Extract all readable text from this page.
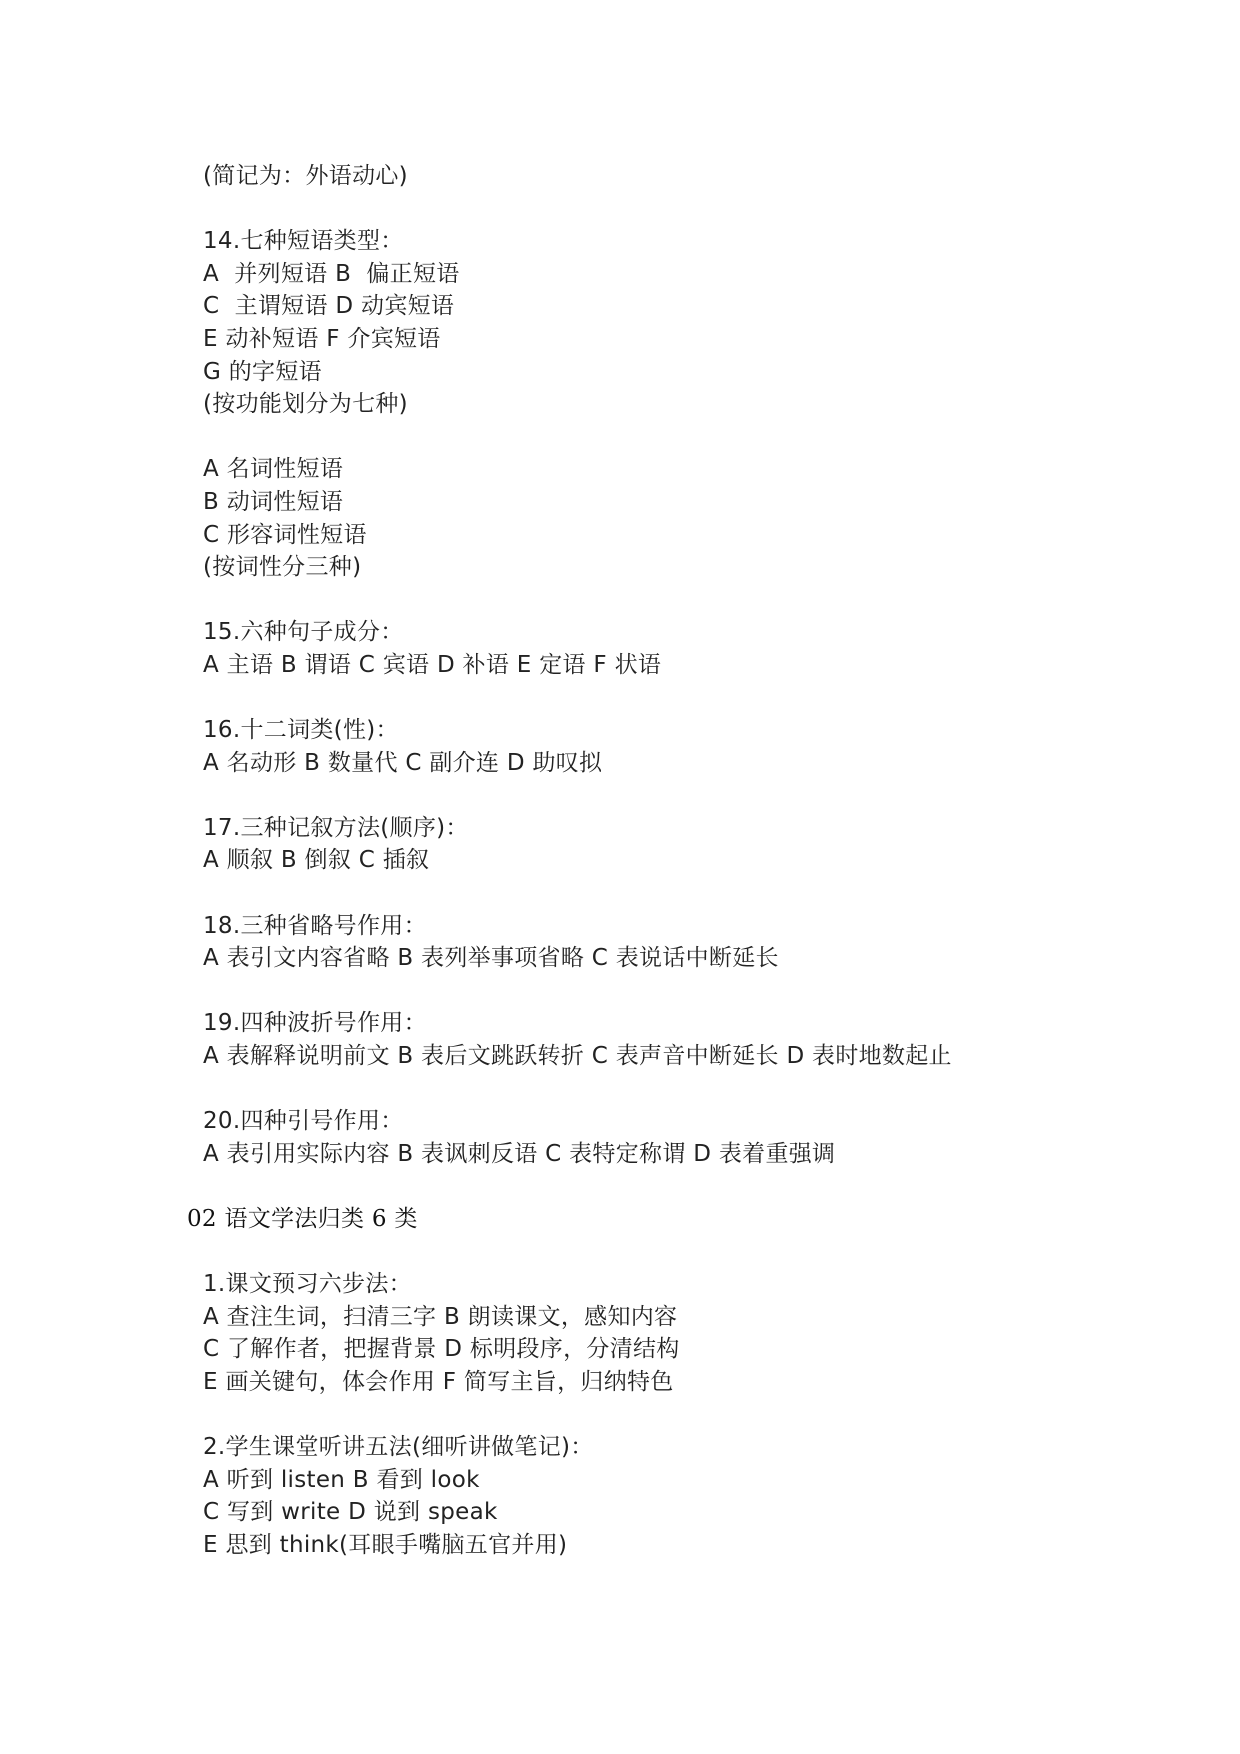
(简记为：外语动心)
14.七种短语类型：
A  并列短语 B  偏正短语
C  主谓短语 D 动宾短语
E 动补短语 F 介宾短语
G 的字短语
(按功能划分为七种)
A 名词性短语
B 动词性短语
C 形容词性短语
(按词性分三种)
15.六种句子成分：
A 主语 B 谓语 C 宾语 D 补语 E 定语 F 状语
16.十二词类(性)：
A 名动形 B 数量代 C 副介连 D 助叹拟
17.三种记叙方法(顺序)：
A 顺叙 B 倒叙 C 插叙
18.三种省略号作用：
A 表引文内容省略 B 表列举事项省略 C 表说话中断延长
19.四种波折号作用：
A 表解释说明前文 B 表后文跳跃转折 C 表声音中断延长 D 表时地数起止
20.四种引号作用：
A 表引用实际内容 B 表讽刺反语 C 表特定称谓 D 表着重强调
02 语文学法归类 6 类
1.课文预习六步法：
A 查注生词，扫清三字 B 朗读课文，感知内容
C 了解作者，把握背景 D 标明段序，分清结构
E 画关键句，体会作用 F 简写主旨，归纳特色
2.学生课堂听讲五法(细听讲做笔记)：
A 听到 listen B 看到 look
C 写到 write D 说到 speak
E 思到 think(耳眼手嘴脑五官并用)
